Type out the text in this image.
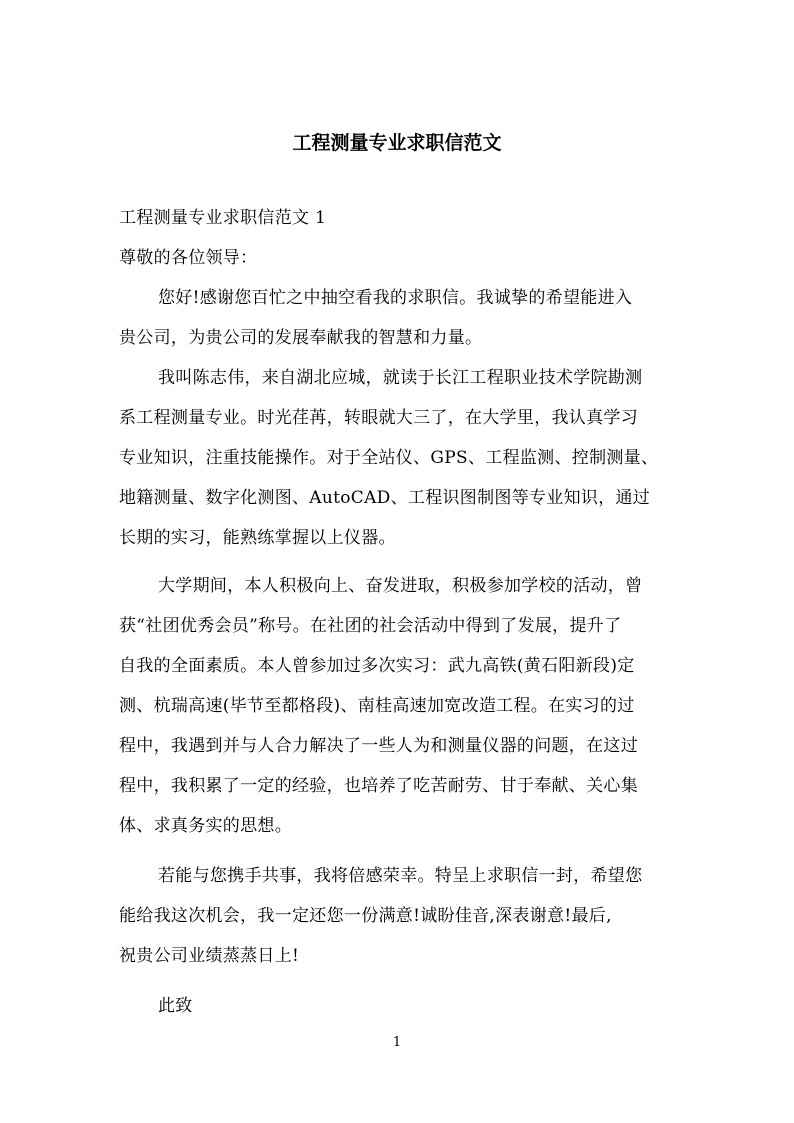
工程测量专业求职信范文

工程测量专业求职信范文 1

尊敬的各位领导：

您好!感谢您百忙之中抽空看我的求职信。我诚挚的希望能进入

贵公司，为贵公司的发展奉献我的智慧和力量。

我叫陈志伟，来自湖北应城，就读于长江工程职业技术学院勘测

系工程测量专业。时光荏苒，转眼就大三了，在大学里，我认真学习

专业知识，注重技能操作。对于全站仪、GPS、工程监测、控制测量、

地籍测量、数字化测图、AutoCAD、工程识图制图等专业知识，通过

长期的实习，能熟练掌握以上仪器。

大学期间，本人积极向上、奋发进取，积极参加学校的活动，曾

获“社团优秀会员”称号。在社团的社会活动中得到了发展，提升了

自我的全面素质。本人曾参加过多次实习：武九高铁(黄石阳新段)定

测、杭瑞高速(毕节至都格段)、南桂高速加宽改造工程。在实习的过

程中，我遇到并与人合力解决了一些人为和测量仪器的问题，在这过

程中，我积累了一定的经验，也培养了吃苦耐劳、甘于奉献、关心集

体、求真务实的思想。

若能与您携手共事，我将倍感荣幸。特呈上求职信一封，希望您

能给我这次机会，我一定还您一份满意!诚盼佳音,深表谢意!最后,

祝贵公司业绩蒸蒸日上!

此致

1
